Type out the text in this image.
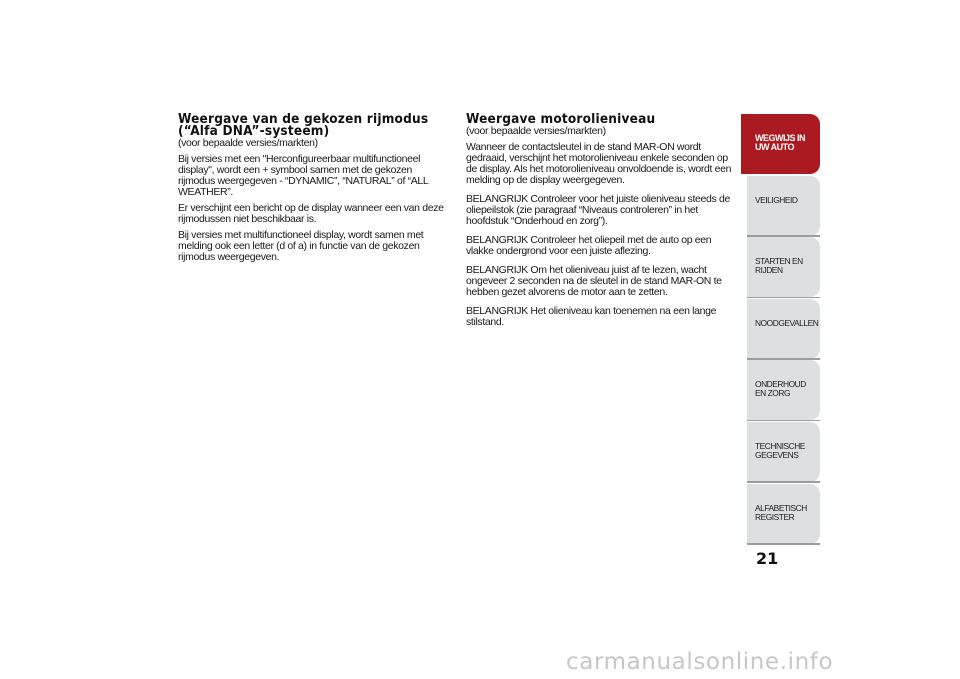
Weergave van de gekozen rijmodus (“Alfa DNA”-systeem)
(voor bepaalde versies/markten)

Bij versies met een "Herconfigureerbaar multifunctioneel display", wordt een + symbool samen met de gekozen rijmodus weergegeven - “DYNAMIC”, “NATURAL” of “ALL WEATHER”.

Er verschijnt een bericht op de display wanneer een van deze rijmodussen niet beschikbaar is.

Bij versies met multifunctioneel display, wordt samen met melding ook een letter (d of a) in functie van de gekozen rijmodus weergegeven.

Weergave motorolieniveau
(voor bepaalde versies/markten)

Wanneer de contactsleutel in de stand MAR-ON wordt gedraaid, verschijnt het motorolieniveau enkele seconden op de display. Als het motorolieniveau onvoldoende is, wordt een melding op de display weergegeven.

BELANGRIJK Controleer voor het juiste olieniveau steeds de oliepeilstok (zie paragraaf “Niveaus controleren” in het hoofdstuk “Onderhoud en zorg”).

BELANGRIJK Controleer het oliepeil met de auto op een vlakke ondergrond voor een juiste aflezing.

BELANGRIJK Om het olieniveau juist af te lezen, wacht ongeveer 2 seconden na de sleutel in de stand MAR-ON te hebben gezet alvorens de motor aan te zetten.

BELANGRIJK Het olieniveau kan toenemen na een lange stilstand.

WEGWIJS IN UW AUTO
VEILIGHEID
STARTEN EN RIJDEN
NOODGEVALLEN
ONDERHOUD EN ZORG
TECHNISCHE GEGEVENS
ALFABETISCH REGISTER
21
carmanualsonline.info
